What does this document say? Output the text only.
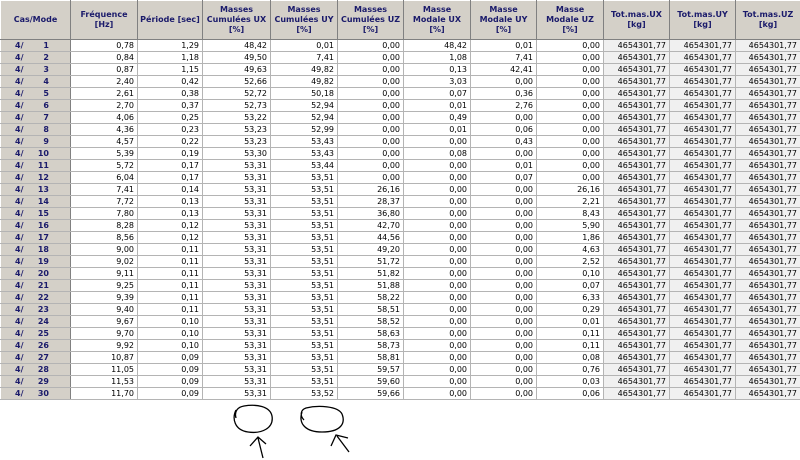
Cas/Mode	Fréquence [Hz]	Période [sec]	Masses Cumulées UX [%]	Masses Cumulées UY [%]	Masses Cumulées UZ [%]	Masse Modale UX [%]	Masse Modale UY [%]	Masse Modale UZ [%]	Tot.mas.UX [kg]	Tot.mas.UY [kg]	Tot.mas.UZ [kg]
4/ 1	0,78	1,29	48,42	0,01	0,00	48,42	0,01	0,00	4654301,77	4654301,77	4654301,77
4/ 2	0,84	1,18	49,50	7,41	0,00	1,08	7,41	0,00	4654301,77	4654301,77	4654301,77
4/ 3	0,87	1,15	49,63	49,82	0,00	0,13	42,41	0,00	4654301,77	4654301,77	4654301,77
4/ 4	2,40	0,42	52,66	49,82	0,00	3,03	0,00	0,00	4654301,77	4654301,77	4654301,77
4/ 5	2,61	0,38	52,72	50,18	0,00	0,07	0,36	0,00	4654301,77	4654301,77	4654301,77
4/ 6	2,70	0,37	52,73	52,94	0,00	0,01	2,76	0,00	4654301,77	4654301,77	4654301,77
4/ 7	4,06	0,25	53,22	52,94	0,00	0,49	0,00	0,00	4654301,77	4654301,77	4654301,77
4/ 8	4,36	0,23	53,23	52,99	0,00	0,01	0,06	0,00	4654301,77	4654301,77	4654301,77
4/ 9	4,57	0,22	53,23	53,43	0,00	0,00	0,43	0,00	4654301,77	4654301,77	4654301,77
4/ 10	5,39	0,19	53,30	53,43	0,00	0,08	0,00	0,00	4654301,77	4654301,77	4654301,77
4/ 11	5,72	0,17	53,31	53,44	0,00	0,00	0,01	0,00	4654301,77	4654301,77	4654301,77
4/ 12	6,04	0,17	53,31	53,51	0,00	0,00	0,07	0,00	4654301,77	4654301,77	4654301,77
4/ 13	7,41	0,14	53,31	53,51	26,16	0,00	0,00	26,16	4654301,77	4654301,77	4654301,77
4/ 14	7,72	0,13	53,31	53,51	28,37	0,00	0,00	2,21	4654301,77	4654301,77	4654301,77
4/ 15	7,80	0,13	53,31	53,51	36,80	0,00	0,00	8,43	4654301,77	4654301,77	4654301,77
4/ 16	8,28	0,12	53,31	53,51	42,70	0,00	0,00	5,90	4654301,77	4654301,77	4654301,77
4/ 17	8,56	0,12	53,31	53,51	44,56	0,00	0,00	1,86	4654301,77	4654301,77	4654301,77
4/ 18	9,00	0,11	53,31	53,51	49,20	0,00	0,00	4,63	4654301,77	4654301,77	4654301,77
4/ 19	9,02	0,11	53,31	53,51	51,72	0,00	0,00	2,52	4654301,77	4654301,77	4654301,77
4/ 20	9,11	0,11	53,31	53,51	51,82	0,00	0,00	0,10	4654301,77	4654301,77	4654301,77
4/ 21	9,25	0,11	53,31	53,51	51,88	0,00	0,00	0,07	4654301,77	4654301,77	4654301,77
4/ 22	9,39	0,11	53,31	53,51	58,22	0,00	0,00	6,33	4654301,77	4654301,77	4654301,77
4/ 23	9,40	0,11	53,31	53,51	58,51	0,00	0,00	0,29	4654301,77	4654301,77	4654301,77
4/ 24	9,67	0,10	53,31	53,51	58,52	0,00	0,00	0,01	4654301,77	4654301,77	4654301,77
4/ 25	9,70	0,10	53,31	53,51	58,63	0,00	0,00	0,11	4654301,77	4654301,77	4654301,77
4/ 26	9,92	0,10	53,31	53,51	58,73	0,00	0,00	0,11	4654301,77	4654301,77	4654301,77
4/ 27	10,87	0,09	53,31	53,51	58,81	0,00	0,00	0,08	4654301,77	4654301,77	4654301,77
4/ 28	11,05	0,09	53,31	53,51	59,57	0,00	0,00	0,76	4654301,77	4654301,77	4654301,77
4/ 29	11,53	0,09	53,31	53,51	59,60	0,00	0,00	0,03	4654301,77	4654301,77	4654301,77
4/ 30	11,70	0,09	53,31	53,52	59,66	0,00	0,00	0,06	4654301,77	4654301,77	4654301,77
